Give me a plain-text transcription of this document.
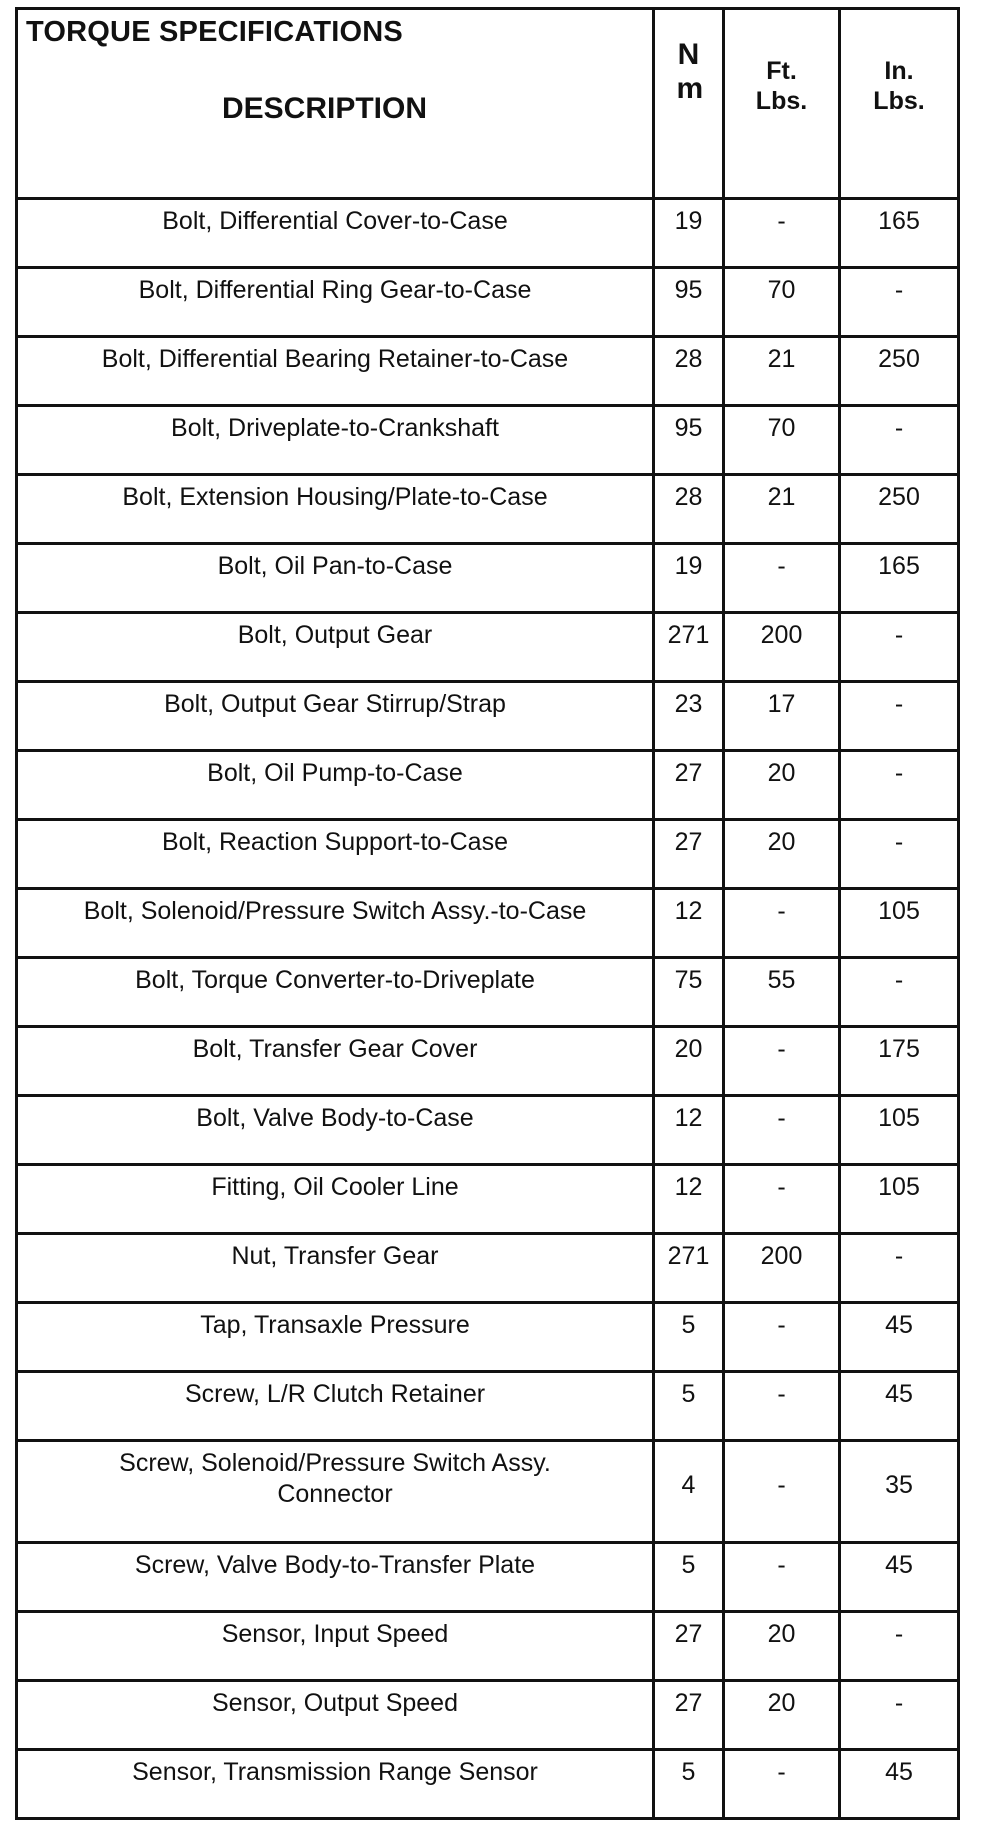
TORQUE SPECIFICATIONS
DESCRIPTION	N m	Ft. Lbs.	In. Lbs.

Bolt, Differential Cover-to-Case	19	-	165

Bolt, Differential Ring Gear-to-Case	95	70	-

Bolt, Differential Bearing Retainer-to-Case	28	21	250

Bolt, Driveplate-to-Crankshaft	95	70	-

Bolt, Extension Housing/Plate-to-Case	28	21	250

Bolt, Oil Pan-to-Case	19	-	165

Bolt, Output Gear	271	200	-

Bolt, Output Gear Stirrup/Strap	23	17	-

Bolt, Oil Pump-to-Case	27	20	-

Bolt, Reaction Support-to-Case	27	20	-

Bolt, Solenoid/Pressure Switch Assy.-to-Case	12	-	105

Bolt, Torque Converter-to-Driveplate	75	55	-

Bolt, Transfer Gear Cover	20	-	175

Bolt, Valve Body-to-Case	12	-	105

Fitting, Oil Cooler Line	12	-	105

Nut, Transfer Gear	271	200	-

Tap, Transaxle Pressure	5	-	45

Screw, L/R Clutch Retainer	5	-	45

Screw, Solenoid/Pressure Switch Assy. Connector	4	-	35

Screw, Valve Body-to-Transfer Plate	5	-	45

Sensor, Input Speed	27	20	-

Sensor, Output Speed	27	20	-

Sensor, Transmission Range Sensor	5	-	45
